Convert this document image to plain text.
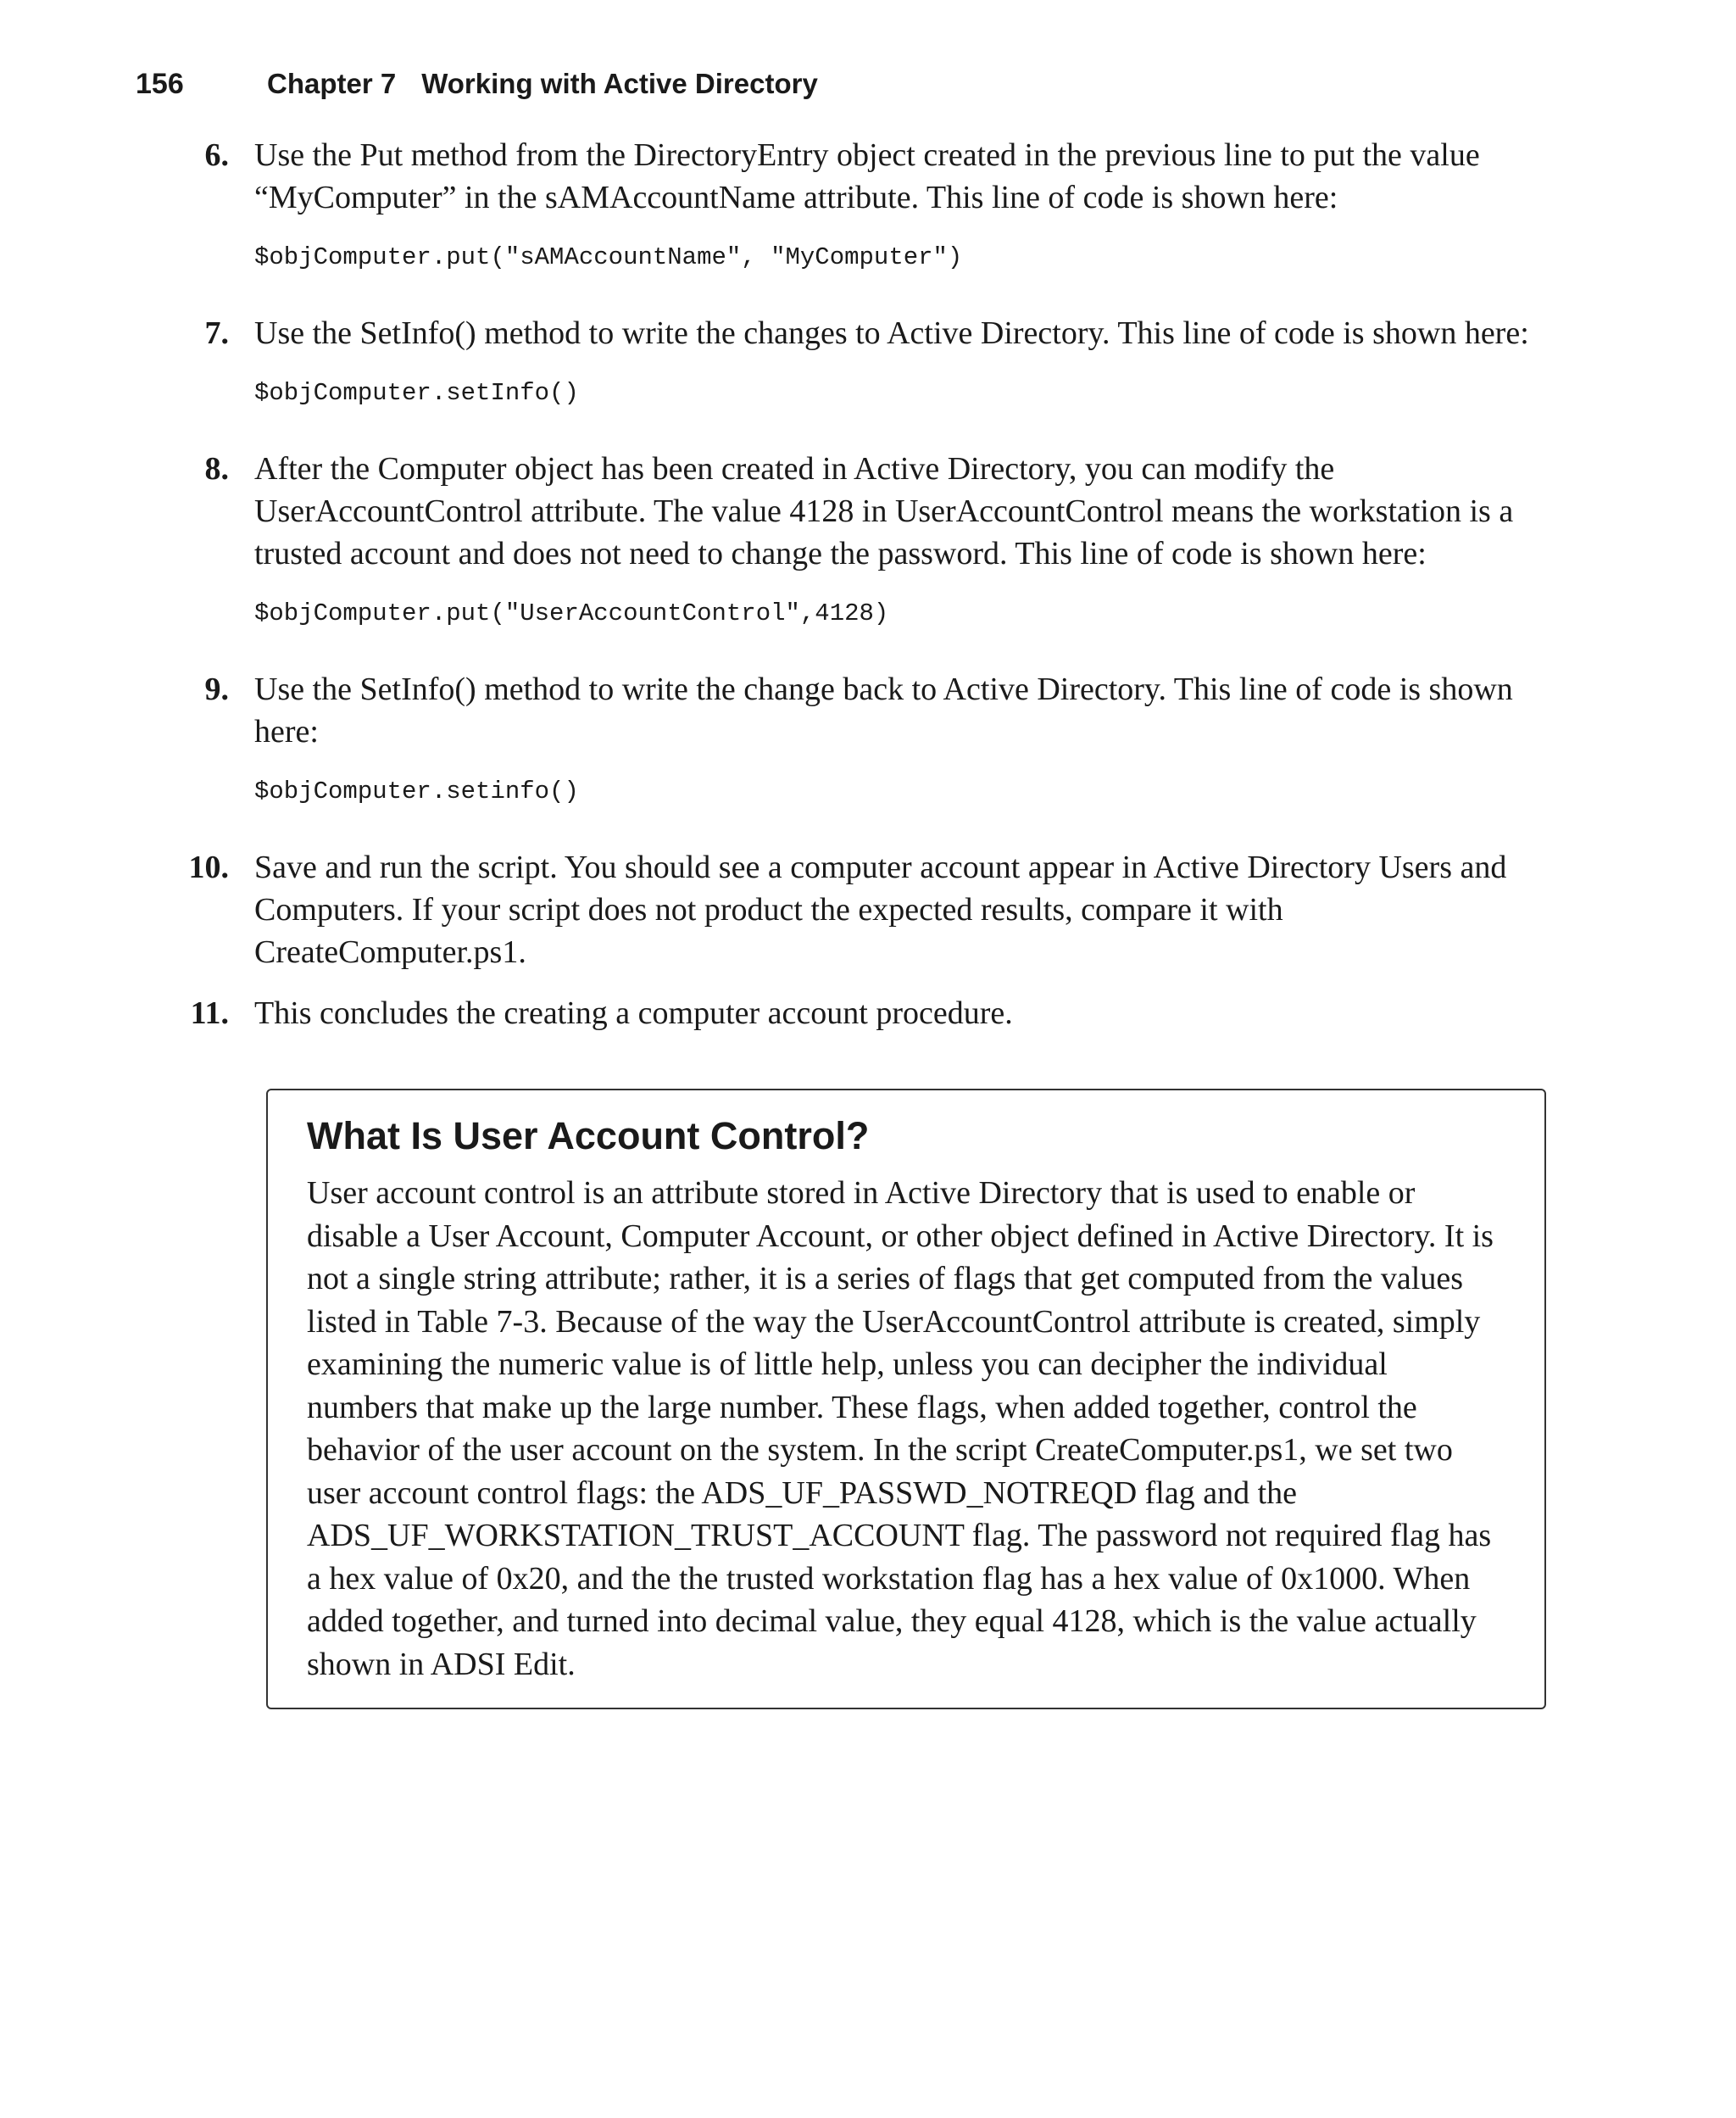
156	Chapter 7 Working with Active Directory
6. Use the Put method from the DirectoryEntry object created in the previous line to put the value “MyComputer” in the sAMAccountName attribute. This line of code is shown here:

$objComputer.put("sAMAccountName", "MyComputer")
7. Use the SetInfo() method to write the changes to Active Directory. This line of code is shown here:

$objComputer.setInfo()
8. After the Computer object has been created in Active Directory, you can modify the UserAccountControl attribute. The value 4128 in UserAccountControl means the workstation is a trusted account and does not need to change the password. This line of code is shown here:

$objComputer.put("UserAccountControl",4128)
9. Use the SetInfo() method to write the change back to Active Directory. This line of code is shown here:

$objComputer.setinfo()
10. Save and run the script. You should see a computer account appear in Active Directory Users and Computers. If your script does not product the expected results, compare it with CreateComputer.ps1.

11. This concludes the creating a computer account procedure.

What Is User Account Control?

User account control is an attribute stored in Active Directory that is used to enable or disable a User Account, Computer Account, or other object defined in Active Directory. It is not a single string attribute; rather, it is a series of flags that get computed from the values listed in Table 7-3. Because of the way the UserAccountControl attribute is created, simply examining the numeric value is of little help, unless you can decipher the individual numbers that make up the large number. These flags, when added together, control the behavior of the user account on the system. In the script CreateComputer.ps1, we set two user account control flags: the ADS_UF_PASSWD_NOTREQD flag and the ADS_UF_WORKSTATION_TRUST_ACCOUNT flag. The password not required flag has a hex value of 0x20, and the the trusted workstation flag has a hex value of 0x1000. When added together, and turned into decimal value, they equal 4128, which is the value actually shown in ADSI Edit.
